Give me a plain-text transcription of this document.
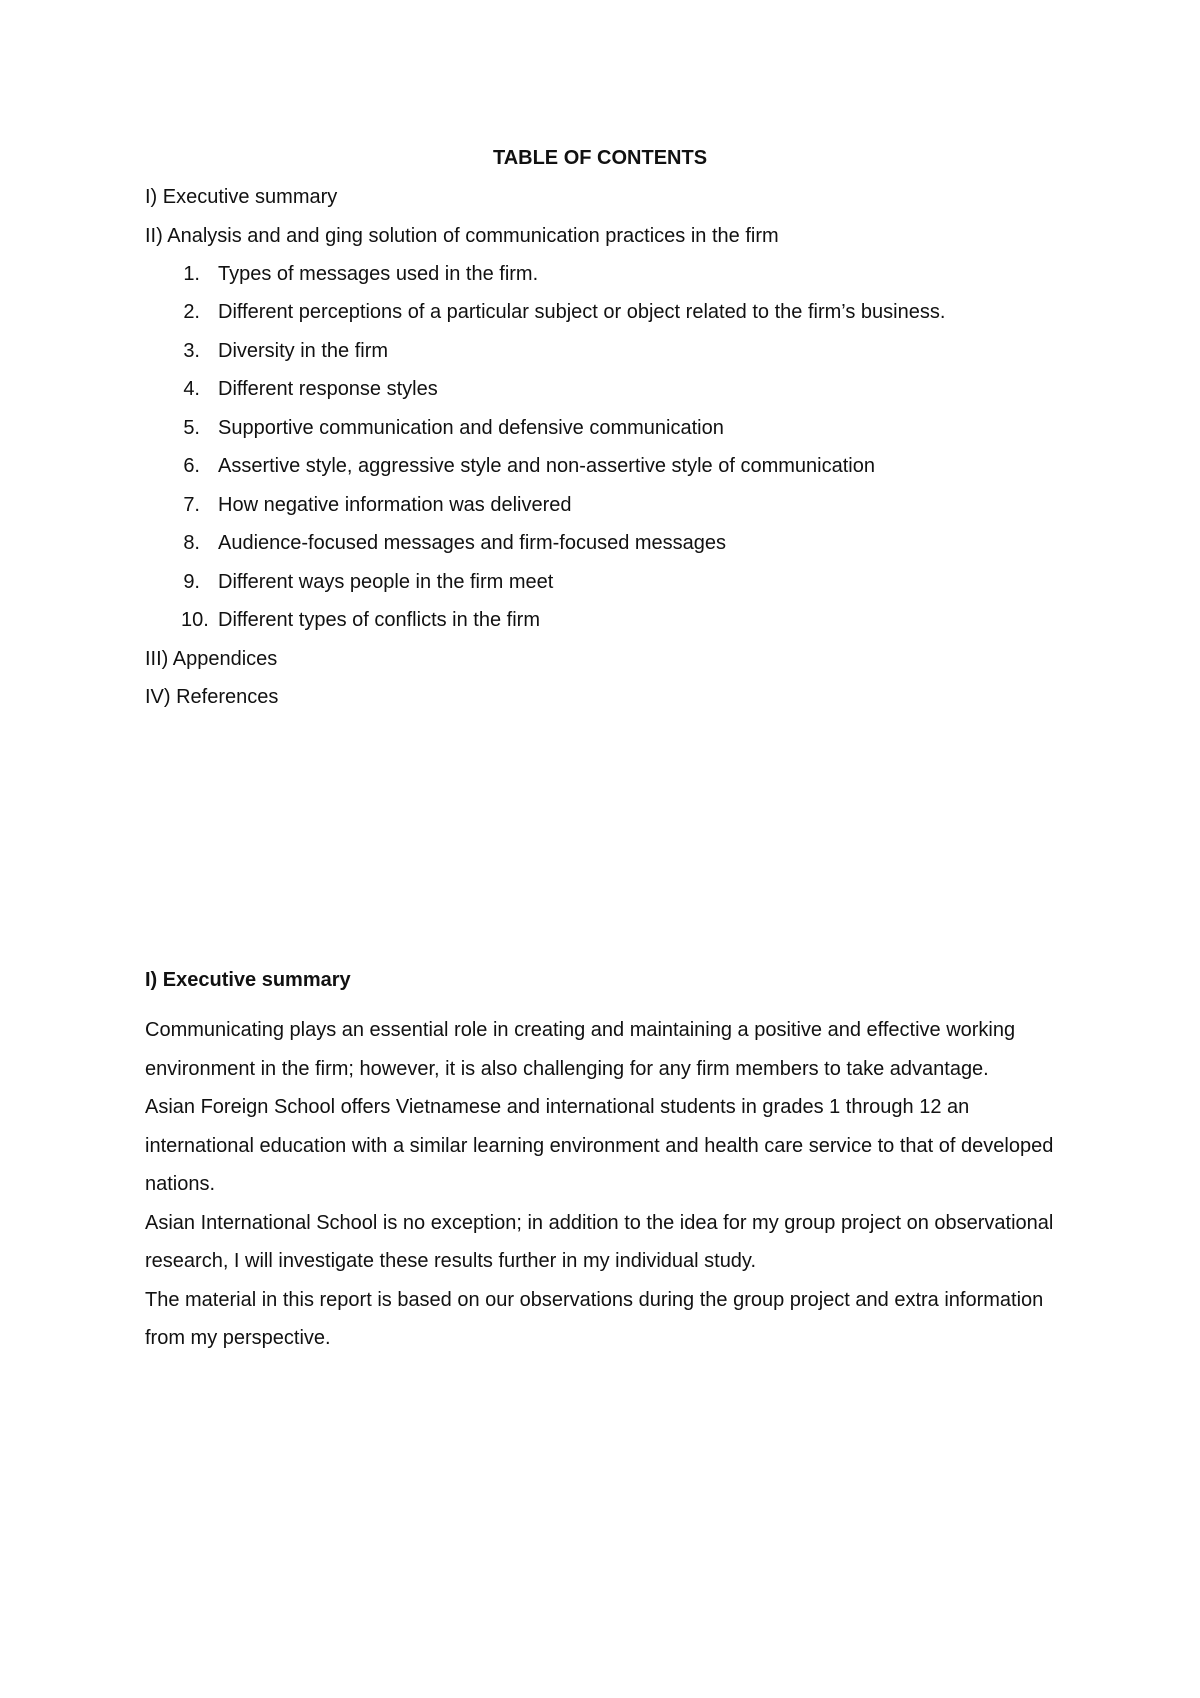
TABLE OF CONTENTS
I) Executive summary
II) Analysis and and ging solution of communication practices in the firm
1. Types of messages used in the firm.
2. Different perceptions of a particular subject or object related to the firm’s business.
3. Diversity in the firm
4. Different response styles
5. Supportive communication and defensive communication
6. Assertive style, aggressive style and non-assertive style of communication
7. How negative information was delivered
8. Audience-focused messages and firm-focused messages
9. Different ways people in the firm meet
10. Different types of conflicts in the firm
III) Appendices
IV) References
I) Executive summary

Communicating plays an essential role in creating and maintaining a positive and effective working environment in the firm; however, it is also challenging for any firm members to take advantage.

Asian Foreign School offers Vietnamese and international students in grades 1 through 12 an international education with a similar learning environment and health care service to that of developed nations.

Asian International School is no exception; in addition to the idea for my group project on observational research, I will investigate these results further in my individual study.

The material in this report is based on our observations during the group project and extra information from my perspective.
